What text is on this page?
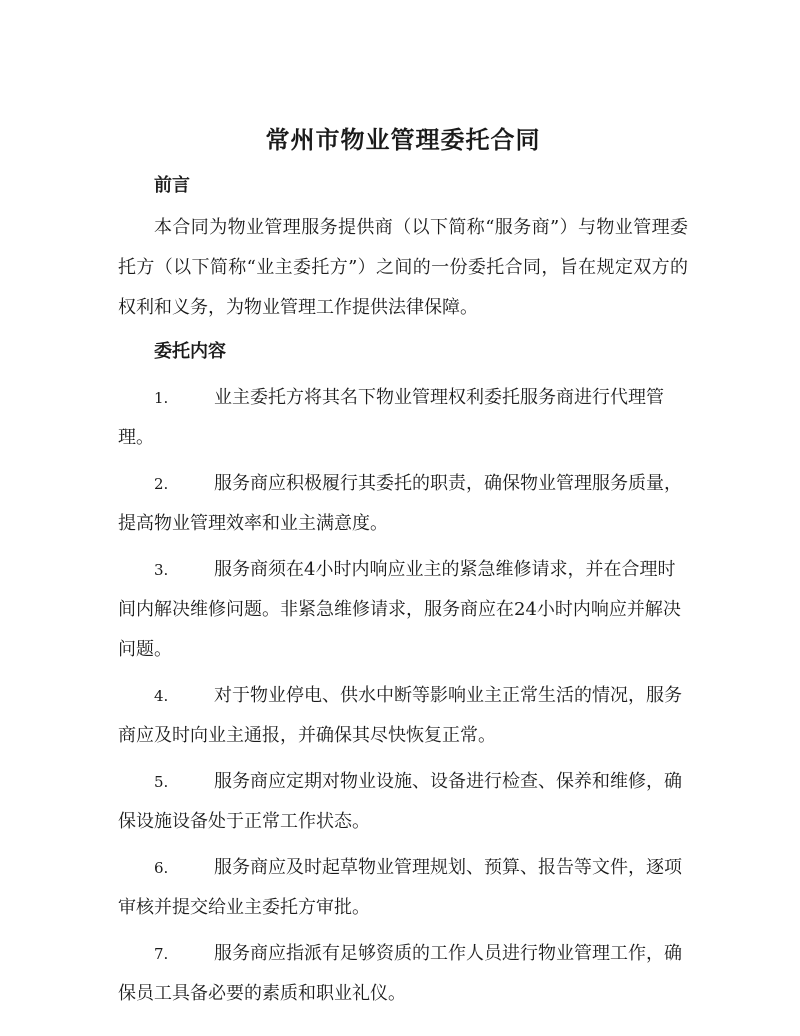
常州市物业管理委托合同
前言

本合同为物业管理服务提供商（以下简称“服务商”）与物业管理委托方（以下简称“业主委托方”）之间的一份委托合同，旨在规定双方的权利和义务，为物业管理工作提供法律保障。

委托内容
1.	业主委托方将其名下物业管理权利委托服务商进行代理管理。
2.	服务商应积极履行其委托的职责，确保物业管理服务质量，提高物业管理效率和业主满意度。
3.	服务商须在4小时内响应业主的紧急维修请求，并在合理时间内解决维修问题。非紧急维修请求，服务商应在24小时内响应并解决问题。
4.	对于物业停电、供水中断等影响业主正常生活的情况，服务商应及时向业主通报，并确保其尽快恢复正常。
5.	服务商应定期对物业设施、设备进行检查、保养和维修，确保设施设备处于正常工作状态。
6.	服务商应及时起草物业管理规划、预算、报告等文件，逐项审核并提交给业主委托方审批。
7.	服务商应指派有足够资质的工作人员进行物业管理工作，确保员工具备必要的素质和职业礼仪。
